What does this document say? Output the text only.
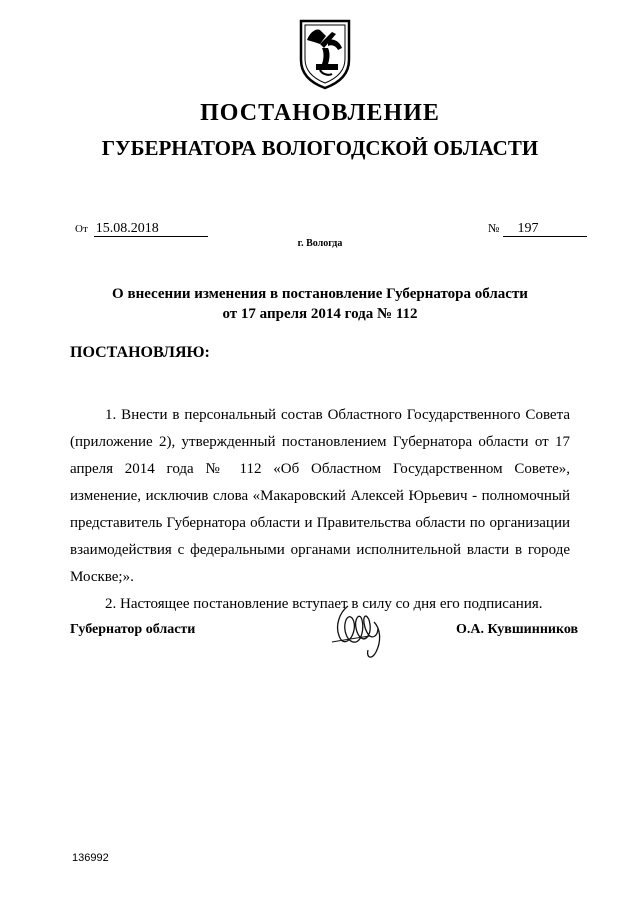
ПОСТАНОВЛЕНИЕ
ГУБЕРНАТОРА ВОЛОГОДСКОЙ ОБЛАСТИ
От 15.08.2018	№ 197
г. Вологда
О внесении изменения в постановление Губернатора области
от 17 апреля 2014 года № 112
ПОСТАНОВЛЯЮ:

1. Внести в персональный состав Областного Государственного Совета (приложение 2), утвержденный постановлением Губернатора области от 17 апреля 2014 года № 112 «Об Областном Государственном Совете», изменение, исключив слова «Макаровский Алексей Юрьевич - полномочный представитель Губернатора области и Правительства области по организации взаимодействия с федеральными органами исполнительной власти в городе Москве;».

2. Настоящее постановление вступает в силу со дня его подписания.

Губернатор области	О.А. Кувшинников
136992
